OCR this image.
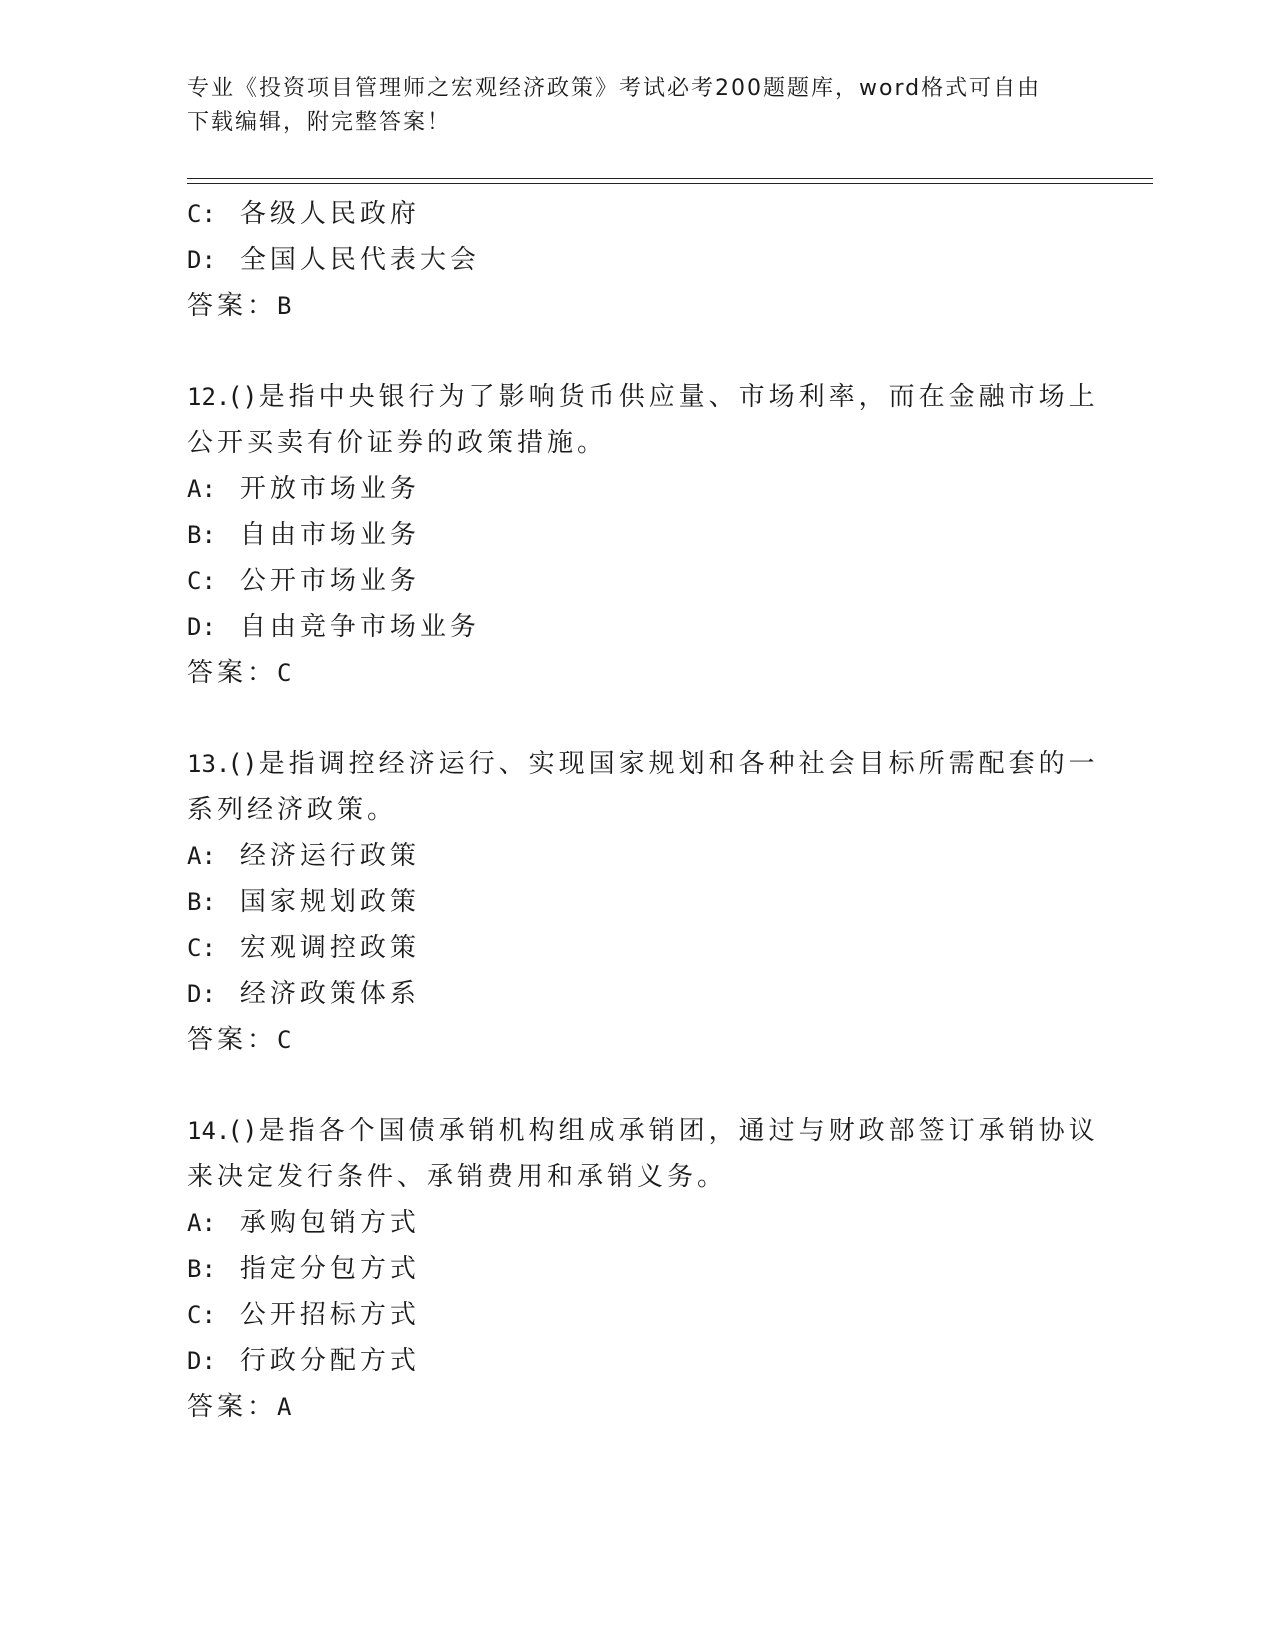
专业《投资项目管理师之宏观经济政策》考试必考200题题库，word格式可自由
下载编辑，附完整答案！
C: 各级人民政府
D: 全国人民代表大会
答案：B
12.()是指中央银行为了影响货币供应量、市场利率，而在金融市场上
公开买卖有价证券的政策措施。
A: 开放市场业务
B: 自由市场业务
C: 公开市场业务
D: 自由竞争市场业务
答案：C
13.()是指调控经济运行、实现国家规划和各种社会目标所需配套的一
系列经济政策。
A: 经济运行政策
B: 国家规划政策
C: 宏观调控政策
D: 经济政策体系
答案：C
14.()是指各个国债承销机构组成承销团，通过与财政部签订承销协议
来决定发行条件、承销费用和承销义务。
A: 承购包销方式
B: 指定分包方式
C: 公开招标方式
D: 行政分配方式
答案：A
